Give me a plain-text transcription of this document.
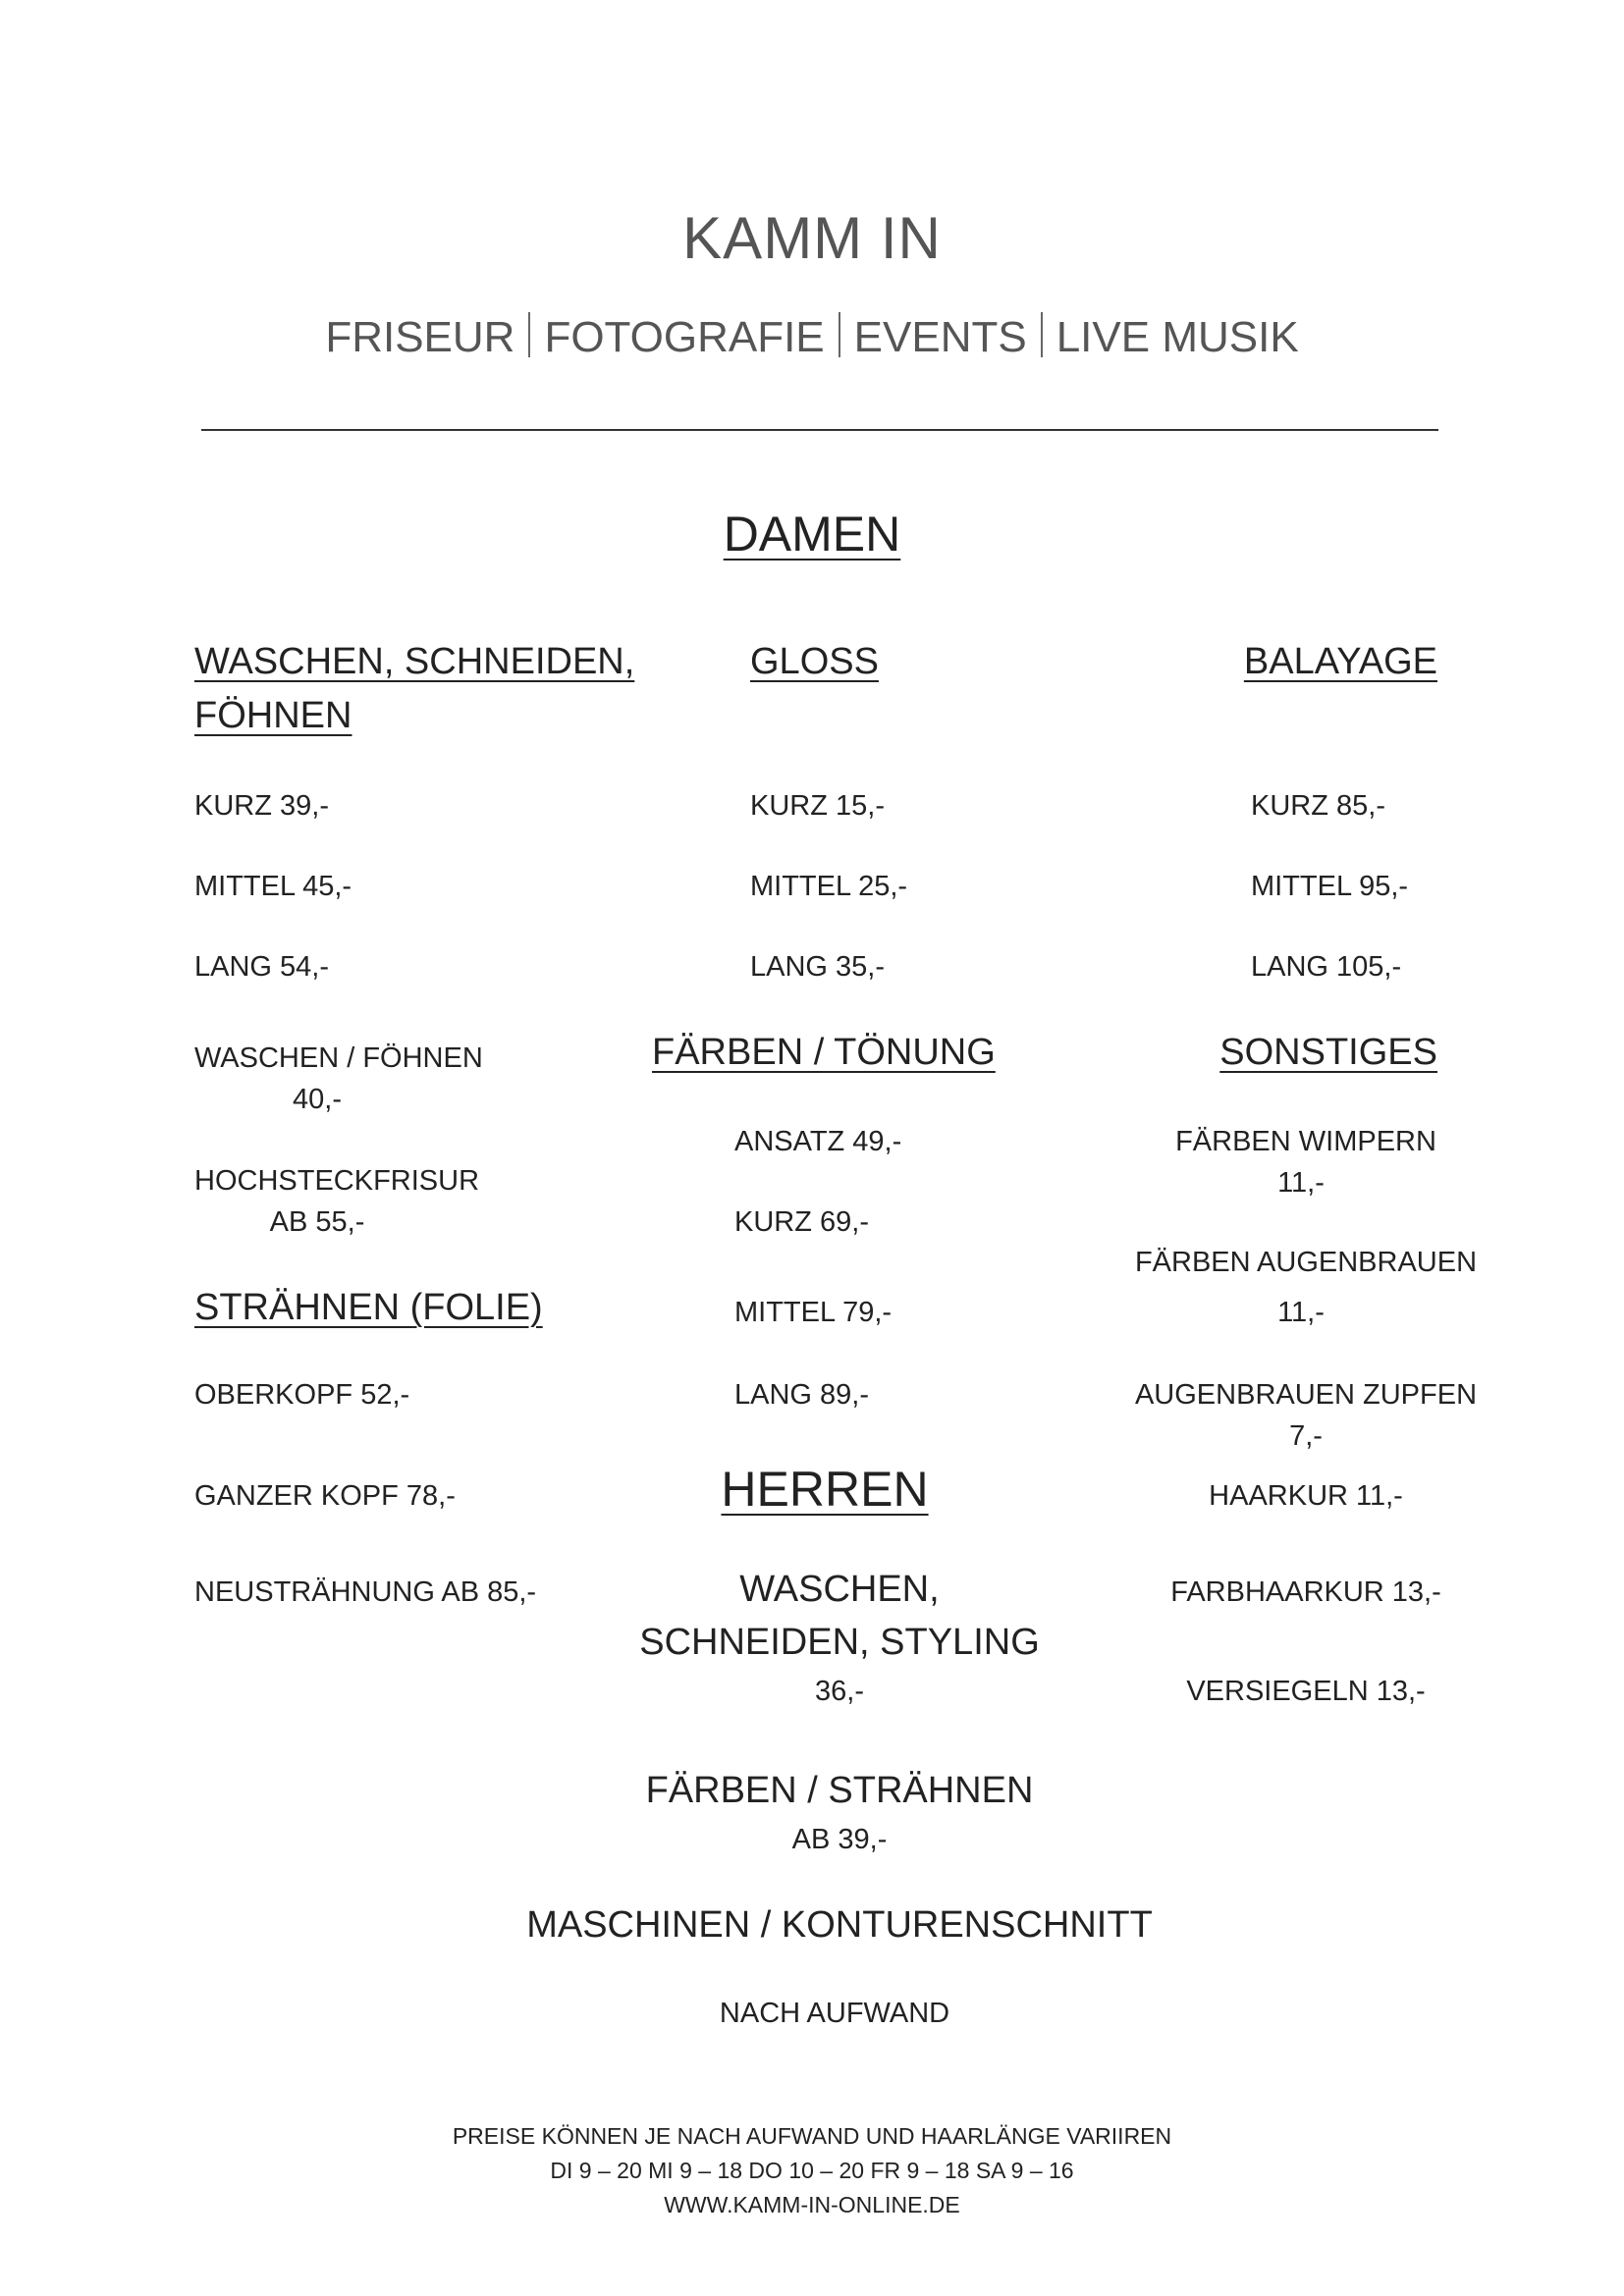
KAMM IN
FRISEUR FOTOGRAFIE EVENTS LIVE MUSIK
DAMEN
WASCHEN, SCHNEIDEN,
FÖHNEN
KURZ 39,-
MITTEL 45,-
LANG 54,-
WASCHEN / FÖHNEN
40,-
HOCHSTECKFRISUR
AB 55,-
STRÄHNEN (FOLIE)
OBERKOPF 52,-
GANZER KOPF 78,-
NEUSTRÄHNUNG AB 85,-
GLOSS
KURZ 15,-
MITTEL 25,-
LANG 35,-
FÄRBEN / TÖNUNG
ANSATZ 49,-
KURZ 69,-
MITTEL 79,-
LANG 89,-
HERREN
WASCHEN,
SCHNEIDEN, STYLING
36,-
FÄRBEN / STRÄHNEN
AB 39,-
MASCHINEN / KONTURENSCHNITT
NACH AUFWAND
BALAYAGE
KURZ 85,-
MITTEL 95,-
LANG 105,-
SONSTIGES
FÄRBEN WIMPERN
11,-
FÄRBEN AUGENBRAUEN
11,-
AUGENBRAUEN ZUPFEN
7,-
HAARKUR 11,-
FARBHAARKUR 13,-
VERSIEGELN 13,-
PREISE KÖNNEN JE NACH AUFWAND UND HAARLÄNGE VARIIREN
DI 9 – 20 MI 9 – 18 DO 10 – 20 FR 9 – 18 SA 9 – 16
WWW.KAMM-IN-ONLINE.DE
